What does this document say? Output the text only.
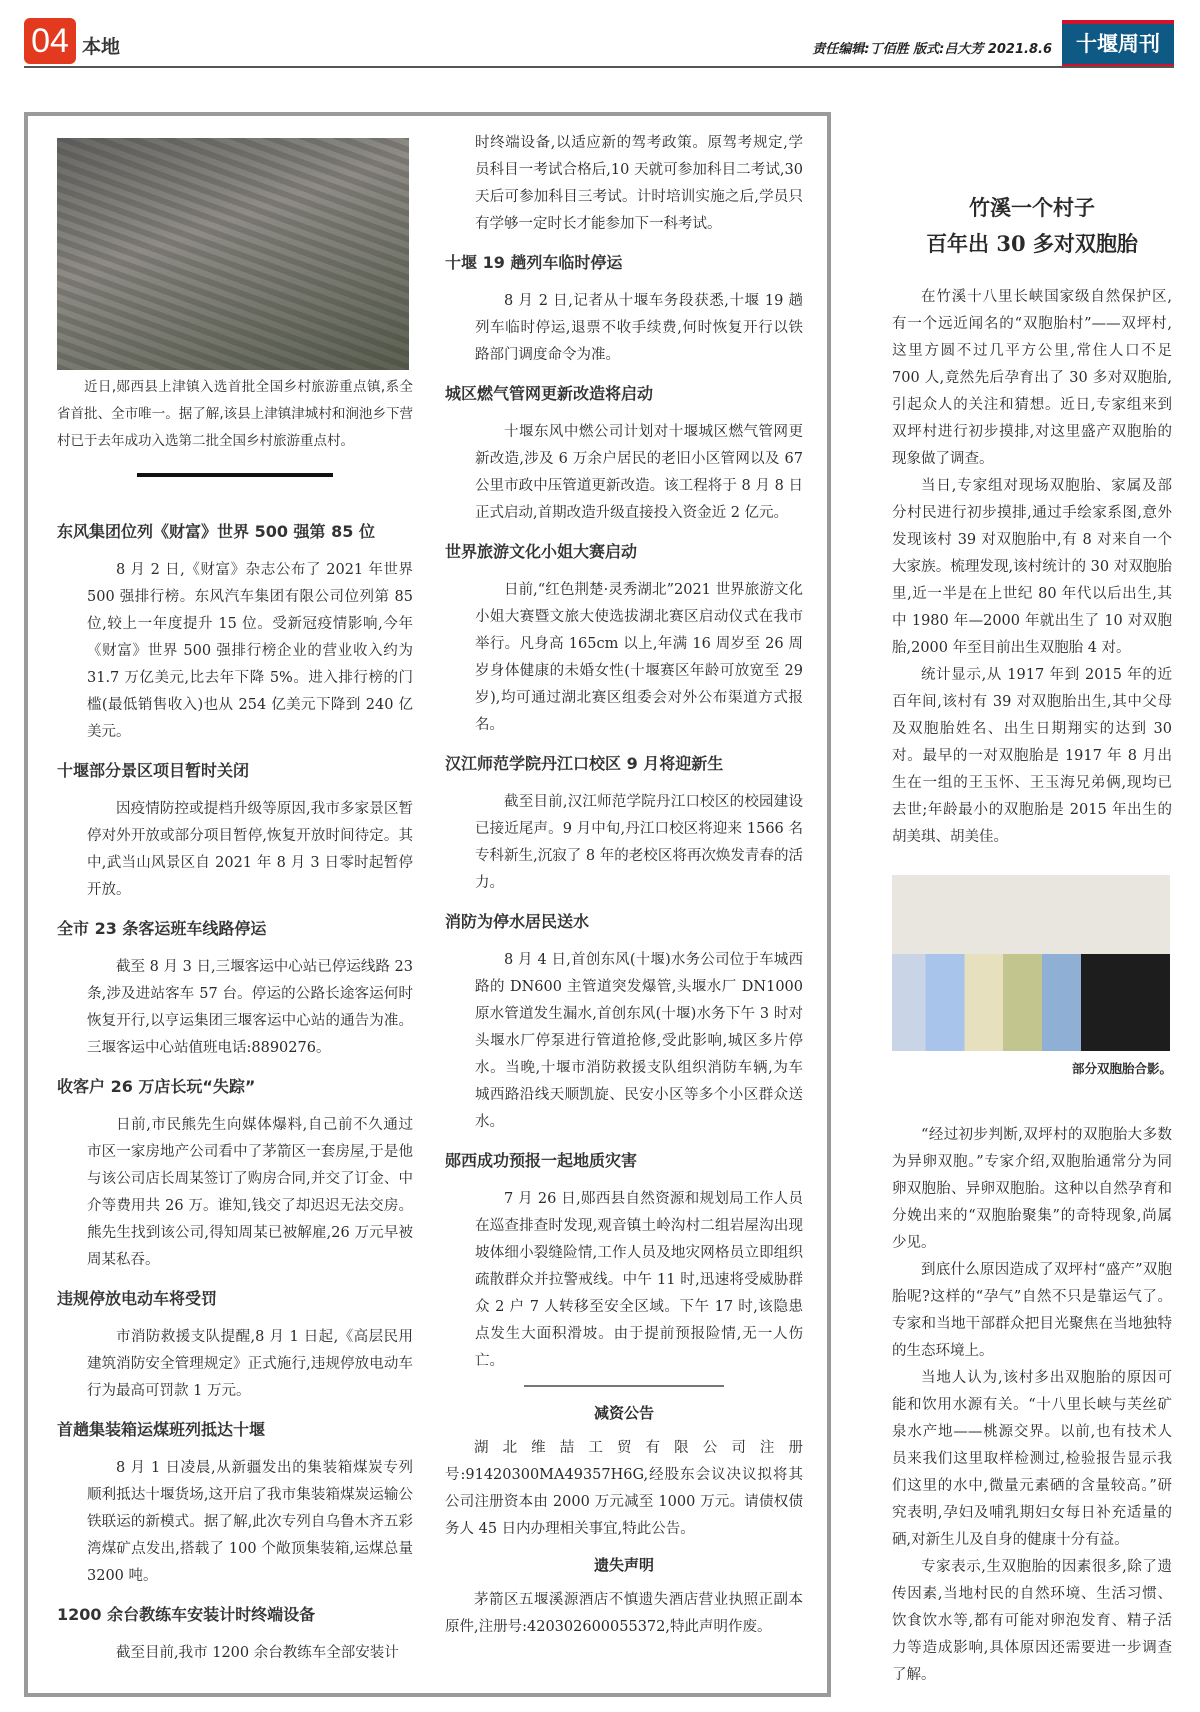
04 本地	责任编辑:丁佰胜 版式:吕大芳 2021.8.6	十堰周刊
近日,郧西县上津镇入选首批全国乡村旅游重点镇,系全省首批、全市唯一。据了解,该县上津镇津城村和涧池乡下营村已于去年成功入选第二批全国乡村旅游重点村。
东风集团位列《财富》世界 500 强第 85 位

8 月 2 日,《财富》杂志公布了 2021 年世界 500 强排行榜。东风汽车集团有限公司位列第 85 位,较上一年度提升 15 位。受新冠疫情影响,今年《财富》世界 500 强排行榜企业的营业收入约为 31.7 万亿美元,比去年下降 5%。进入排行榜的门槛(最低销售收入)也从 254 亿美元下降到 240 亿美元。

十堰部分景区项目暂时关闭

因疫情防控或提档升级等原因,我市多家景区暂停对外开放或部分项目暂停,恢复开放时间待定。其中,武当山风景区自 2021 年 8 月 3 日零时起暂停开放。

全市 23 条客运班车线路停运

截至 8 月 3 日,三堰客运中心站已停运线路 23 条,涉及进站客车 57 台。停运的公路长途客运何时恢复开行,以亨运集团三堰客运中心站的通告为准。三堰客运中心站值班电话:8890276。

收客户 26 万店长玩“失踪”

日前,市民熊先生向媒体爆料,自己前不久通过市区一家房地产公司看中了茅箭区一套房屋,于是他与该公司店长周某签订了购房合同,并交了订金、中介等费用共 26 万。谁知,钱交了却迟迟无法交房。熊先生找到该公司,得知周某已被解雇,26 万元早被周某私吞。

违规停放电动车将受罚

市消防救援支队提醒,8 月 1 日起,《高层民用建筑消防安全管理规定》正式施行,违规停放电动车行为最高可罚款 1 万元。

首趟集装箱运煤班列抵达十堰

8 月 1 日凌晨,从新疆发出的集装箱煤炭专列顺利抵达十堰货场,这开启了我市集装箱煤炭运输公铁联运的新模式。据了解,此次专列自乌鲁木齐五彩湾煤矿点发出,搭载了 100 个敞顶集装箱,运煤总量 3200 吨。

1200 余台教练车安装计时终端设备

截至目前,我市 1200 余台教练车全部安装计

时终端设备,以适应新的驾考政策。原驾考规定,学员科目一考试合格后,10 天就可参加科目二考试,30 天后可参加科目三考试。计时培训实施之后,学员只有学够一定时长才能参加下一科考试。

十堰 19 趟列车临时停运

8 月 2 日,记者从十堰车务段获悉,十堰 19 趟列车临时停运,退票不收手续费,何时恢复开行以铁路部门调度命令为准。

城区燃气管网更新改造将启动

十堰东风中燃公司计划对十堰城区燃气管网更新改造,涉及 6 万余户居民的老旧小区管网以及 67 公里市政中压管道更新改造。该工程将于 8 月 8 日正式启动,首期改造升级直接投入资金近 2 亿元。

世界旅游文化小姐大赛启动

日前,“红色荆楚·灵秀湖北”2021 世界旅游文化小姐大赛暨文旅大使选拔湖北赛区启动仪式在我市举行。凡身高 165cm 以上,年满 16 周岁至 26 周岁身体健康的未婚女性(十堰赛区年龄可放宽至 29 岁),均可通过湖北赛区组委会对外公布渠道方式报名。

汉江师范学院丹江口校区 9 月将迎新生

截至目前,汉江师范学院丹江口校区的校园建设已接近尾声。9 月中旬,丹江口校区将迎来 1566 名专科新生,沉寂了 8 年的老校区将再次焕发青春的活力。

消防为停水居民送水

8 月 4 日,首创东风(十堰)水务公司位于车城西路的 DN600 主管道突发爆管,头堰水厂 DN1000 原水管道发生漏水,首创东风(十堰)水务下午 3 时对头堰水厂停泵进行管道抢修,受此影响,城区多片停水。当晚,十堰市消防救援支队组织消防车辆,为车城西路沿线天顺凯旋、民安小区等多个小区群众送水。

郧西成功预报一起地质灾害

7 月 26 日,郧西县自然资源和规划局工作人员在巡查排查时发现,观音镇土岭沟村二组岩屋沟出现坡体细小裂缝险情,工作人员及地灾网格员立即组织疏散群众并拉警戒线。中午 11 时,迅速将受威胁群众 2 户 7 人转移至安全区域。下午 17 时,该隐患点发生大面积滑坡。由于提前预报险情,无一人伤亡。

减资公告

湖北维喆工贸有限公司注册号:91420300MA49357H6G,经股东会议决议拟将其公司注册资本由 2000 万元减至 1000 万元。请债权债务人 45 日内办理相关事宜,特此公告。

遗失声明

茅箭区五堰溪源酒店不慎遗失酒店营业执照正副本原件,注册号:420302600055372,特此声明作废。

竹溪一个村子
百年出 30 多对双胞胎

在竹溪十八里长峡国家级自然保护区,有一个远近闻名的“双胞胎村”——双坪村,这里方圆不过几平方公里,常住人口不足 700 人,竟然先后孕育出了 30 多对双胞胎,引起众人的关注和猜想。近日,专家组来到双坪村进行初步摸排,对这里盛产双胞胎的现象做了调查。

当日,专家组对现场双胞胎、家属及部分村民进行初步摸排,通过手绘家系图,意外发现该村 39 对双胞胎中,有 8 对来自一个大家族。梳理发现,该村统计的 30 对双胞胎里,近一半是在上世纪 80 年代以后出生,其中 1980 年—2000 年就出生了 10 对双胞胎,2000 年至目前出生双胞胎 4 对。

统计显示,从 1917 年到 2015 年的近百年间,该村有 39 对双胞胎出生,其中父母及双胞胎姓名、出生日期翔实的达到 30 对。最早的一对双胞胎是 1917 年 8 月出生在一组的王玉怀、王玉海兄弟俩,现均已去世;年龄最小的双胞胎是 2015 年出生的胡美琪、胡美佳。

部分双胞胎合影。

“经过初步判断,双坪村的双胞胎大多数为异卵双胞。”专家介绍,双胞胎通常分为同卵双胞胎、异卵双胞胎。这种以自然孕育和分娩出来的“双胞胎聚集”的奇特现象,尚属少见。

到底什么原因造成了双坪村“盛产”双胞胎呢?这样的“孕气”自然不只是靠运气了。专家和当地干部群众把目光聚焦在当地独特的生态环境上。

当地人认为,该村多出双胞胎的原因可能和饮用水源有关。“十八里长峡与芙丝矿泉水产地——桃源交界。以前,也有技术人员来我们这里取样检测过,检验报告显示我们这里的水中,微量元素硒的含量较高。”研究表明,孕妇及哺乳期妇女每日补充适量的硒,对新生儿及自身的健康十分有益。

专家表示,生双胞胎的因素很多,除了遗传因素,当地村民的自然环境、生活习惯、饮食饮水等,都有可能对卵泡发育、精子活力等造成影响,具体原因还需要进一步调查了解。
